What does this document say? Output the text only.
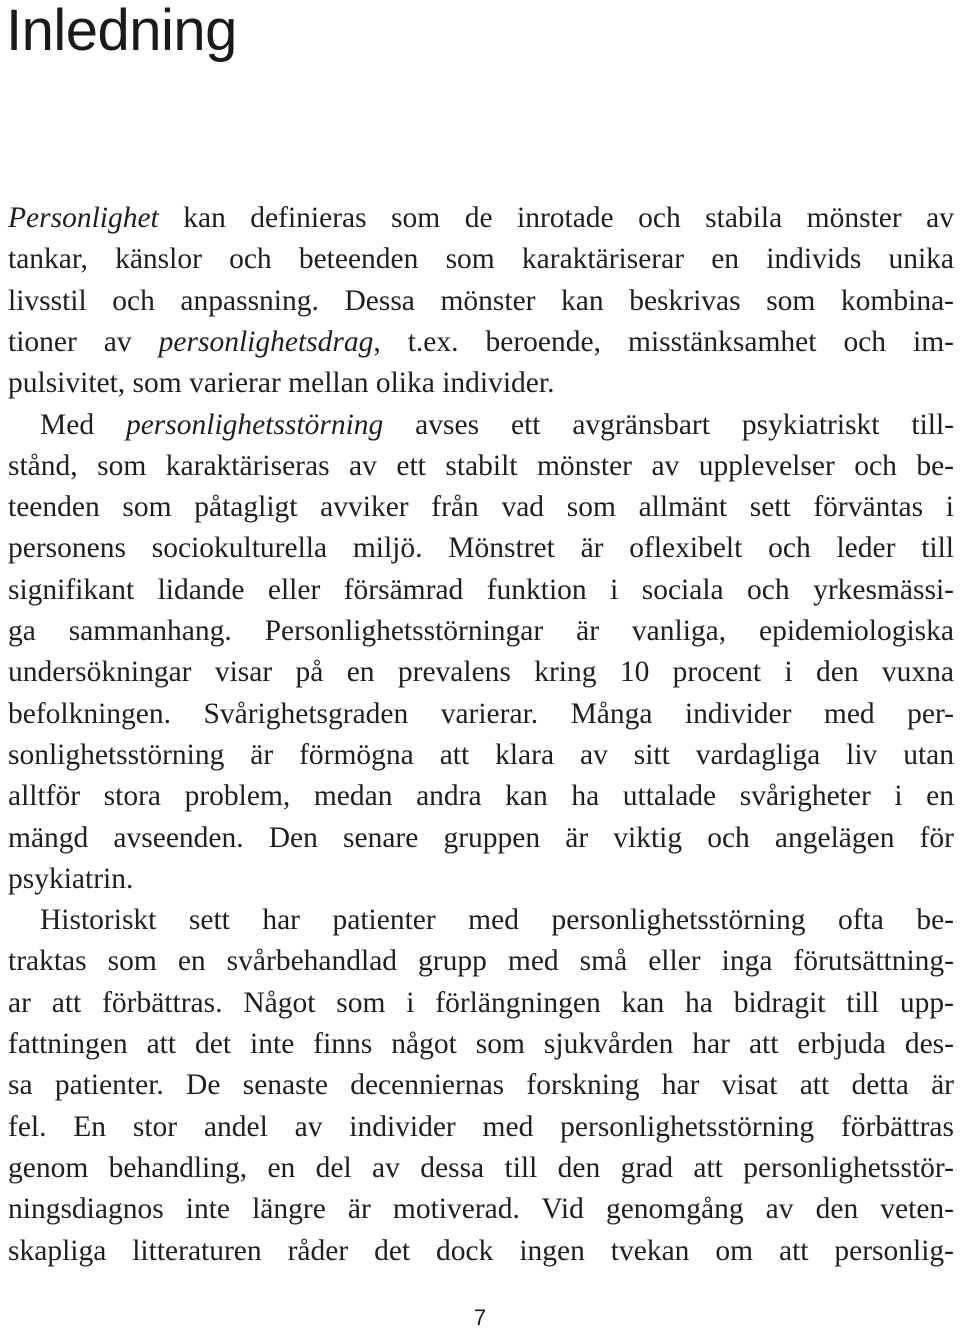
Inledning
Personlighet kan definieras som de inrotade och stabila mönster av
tankar, känslor och beteenden som karaktäriserar en individs unika
livsstil och anpassning. Dessa mönster kan beskrivas som kombina-
tioner av personlighetsdrag, t.ex. beroende, misstänksamhet och im-
pulsivitet, som varierar mellan olika individer.
Med personlighetsstörning avses ett avgränsbart psykiatriskt till-
stånd, som karaktäriseras av ett stabilt mönster av upplevelser och be-
teenden som påtagligt avviker från vad som allmänt sett förväntas i
personens sociokulturella miljö. Mönstret är oflexibelt och leder till
signifikant lidande eller försämrad funktion i sociala och yrkesmässi-
ga sammanhang. Personlighetsstörningar är vanliga, epidemiologiska
undersökningar visar på en prevalens kring 10 procent i den vuxna
befolkningen. Svårighetsgraden varierar. Många individer med per-
sonlighetsstörning är förmögna att klara av sitt vardagliga liv utan
alltför stora problem, medan andra kan ha uttalade svårigheter i en
mängd avseenden. Den senare gruppen är viktig och angelägen för
psykiatrin.
Historiskt sett har patienter med personlighetsstörning ofta be-
traktas som en svårbehandlad grupp med små eller inga förutsättning-
ar att förbättras. Något som i förlängningen kan ha bidragit till upp-
fattningen att det inte finns något som sjukvården har att erbjuda des-
sa patienter. De senaste decenniernas forskning har visat att detta är
fel. En stor andel av individer med personlighetsstörning förbättras
genom behandling, en del av dessa till den grad att personlighetsstör-
ningsdiagnos inte längre är motiverad. Vid genomgång av den veten-
skapliga litteraturen råder det dock ingen tvekan om att personlig-
7
